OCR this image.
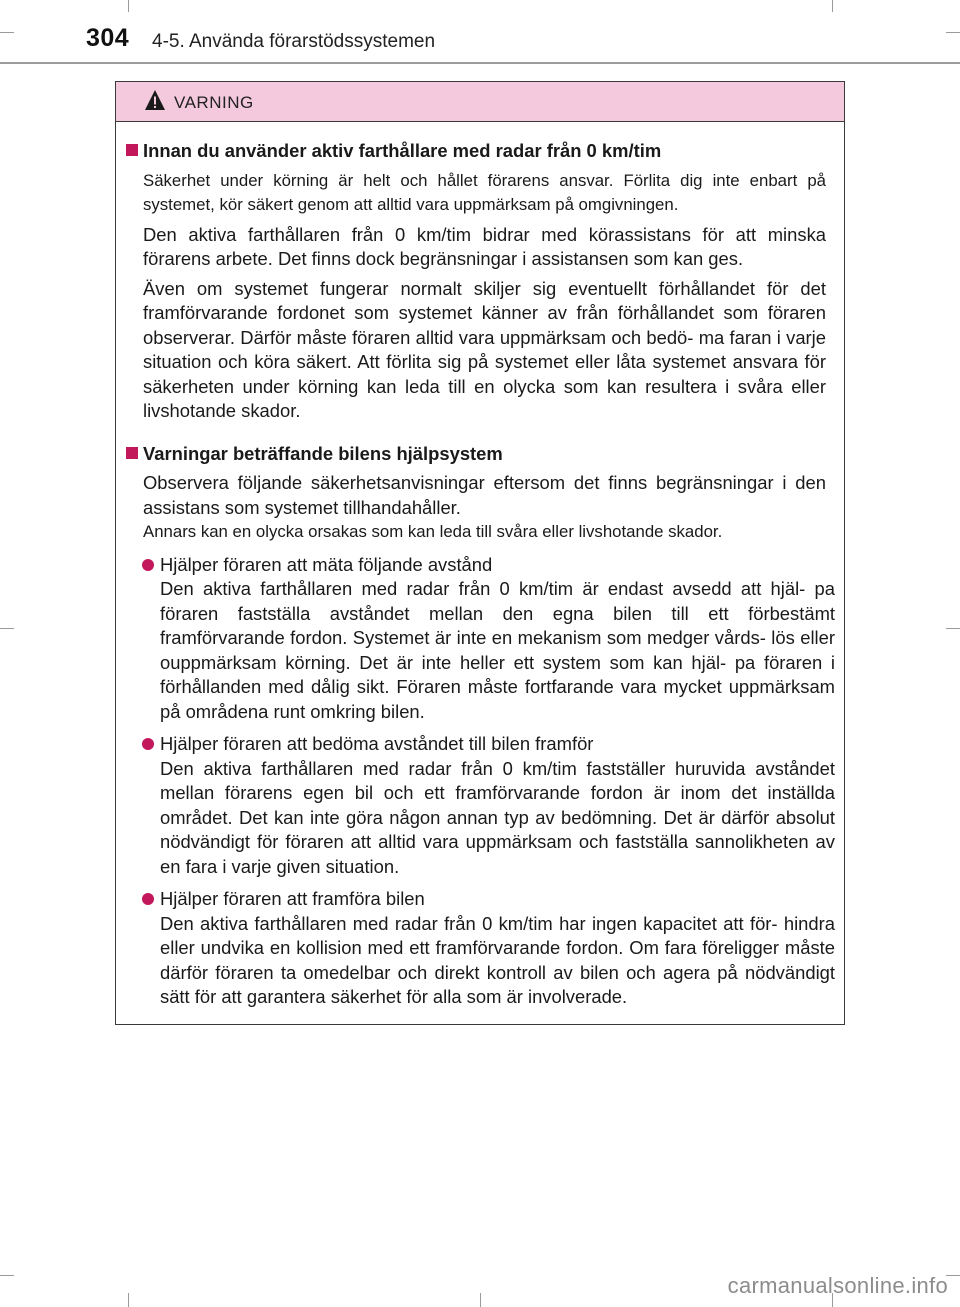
304 4-5. Använda förarstödssystemen
VARNING
Innan du använder aktiv farthållare med radar från 0 km/tim
Säkerhet under körning är helt och hållet förarens ansvar. Förlita dig inte enbart på systemet, kör säkert genom att alltid vara uppmärksam på omgivningen.
Den aktiva farthållaren från 0 km/tim bidrar med körassistans för att minska förarens arbete. Det finns dock begränsningar i assistansen som kan ges.
Även om systemet fungerar normalt skiljer sig eventuellt förhållandet för det framförvarande fordonet som systemet känner av från förhållandet som föraren observerar. Därför måste föraren alltid vara uppmärksam och bedö- ma faran i varje situation och köra säkert. Att förlita sig på systemet eller låta systemet ansvara för säkerheten under körning kan leda till en olycka som kan resultera i svåra eller livshotande skador.
Varningar beträffande bilens hjälpsystem
Observera följande säkerhetsanvisningar eftersom det finns begränsningar i den assistans som systemet tillhandahåller.
Annars kan en olycka orsakas som kan leda till svåra eller livshotande skador.
Hjälper föraren att mäta följande avstånd
Den aktiva farthållaren med radar från 0 km/tim är endast avsedd att hjäl- pa föraren fastställa avståndet mellan den egna bilen till ett förbestämt framförvarande fordon. Systemet är inte en mekanism som medger vårds- lös eller ouppmärksam körning. Det är inte heller ett system som kan hjäl- pa föraren i förhållanden med dålig sikt. Föraren måste fortfarande vara mycket uppmärksam på områdena runt omkring bilen.
Hjälper föraren att bedöma avståndet till bilen framför
Den aktiva farthållaren med radar från 0 km/tim fastställer huruvida avståndet mellan förarens egen bil och ett framförvarande fordon är inom det inställda området. Det kan inte göra någon annan typ av bedömning. Det är därför absolut nödvändigt för föraren att alltid vara uppmärksam och fastställa sannolikheten av en fara i varje given situation.
Hjälper föraren att framföra bilen
Den aktiva farthållaren med radar från 0 km/tim har ingen kapacitet att för- hindra eller undvika en kollision med ett framförvarande fordon. Om fara föreligger måste därför föraren ta omedelbar och direkt kontroll av bilen och agera på nödvändigt sätt för att garantera säkerhet för alla som är involverade.
carmanualsonline.info
